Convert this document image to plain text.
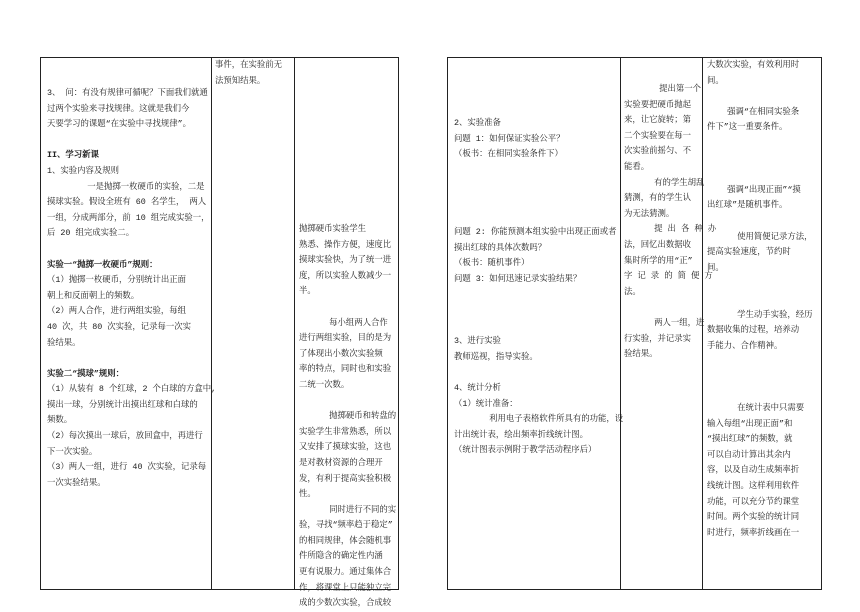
3、 问：有没有规律可循呢？下面我们就通
过两个实验来寻找规律。这就是我们今
天要学习的课题“在实验中寻找规律”。

II、学习新课
1、实验内容及规则
一是抛掷一枚硬币的实验，二是
摸球实验。假设全班有 60 名学生， 两人
一组，分成两部分，前 10 组完成实验一，
后 20 组完成实验二。

实验一“抛掷一枚硬币”规则：
（1）抛掷一枚硬币，分别统计出正面
朝上和反面朝上的频数。
（2）两人合作，进行两组实验，每组
40 次，共 80 次实验，记录每一次实
验结果。

实验二“摸球”规则：
（1）从装有 8 个红球，2 个白球的方盒中,
摸出一球，分别统计出摸出红球和白球的
频数。
（2）每次摸出一球后，放回盒中，再进行
下一次实验。
（3）两人一组，进行 40 次实验，记录每
一次实验结果。
事件，在实验前无
法预知结果。
抛掷硬币实验学生
熟悉、操作方便，速度比
摸球实验快，为了统一进
度，所以实验人数减少一
半。

每小组两人合作
进行两组实验，目的是为
了体现出小数次实验频
率的特点，同时也和实验
二统一次数。

抛掷硬币和转盘的
实验学生非常熟悉，所以
又安排了摸球实验，这也
是对教材资源的合理开
发，有利于提高实验积极
性。
同时进行不同的实
验，寻找“频率趋于稳定”
的相同规律，体会随机事
件所隐含的确定性内涵
更有说服力。通过集体合
作，将课堂上只能独立完
成的少数次实验，合成较
2、实验准备
问题 1：如何保证实验公平？
（板书：在相同实验条件下）

问题 2: 你能预测本组实验中出现正面或者
摸出红球的具体次数吗？
（板书：随机事件）
问题 3：如何迅速记录实验结果？

3、进行实验
教师巡视，指导实验。

4、统计分析
（1）统计准备：
利用电子表格软件所具有的功能，设
计出统计表，绘出频率折线统计图。
（统计图表示例附于教学活动程序后）
提出第一个
实验要把硬币抛起
来，让它旋转；第
二个实验要在每一
次实验前摇匀、不
能看。
有的学生胡乱
猜测，有的学生认
为无法猜测。
提 出 各 种 办
法，回忆出数据收
集时所学的用“正”
字 记 录 的 简 便 方
法。

两人一组，进
行实验，并记录实
验结果。
大数次实验，有效利用时
间。

强调“在相同实验条
件下”这一重要条件。

强调“出现正面”“摸
出红球”是随机事件。

使用简便记录方法，
提高实验速度，节约时
间。

学生动手实验，经历
数据收集的过程，培养动
手能力、合作精神。

在统计表中只需要
输入每组“出现正面”和
“摸出红球”的频数，就
可以自动计算出其余内
容，以及自动生成频率折
线统计图。这样利用软件
功能，可以充分节约课堂
时间。两个实验的统计同
时进行，频率折线画在一
